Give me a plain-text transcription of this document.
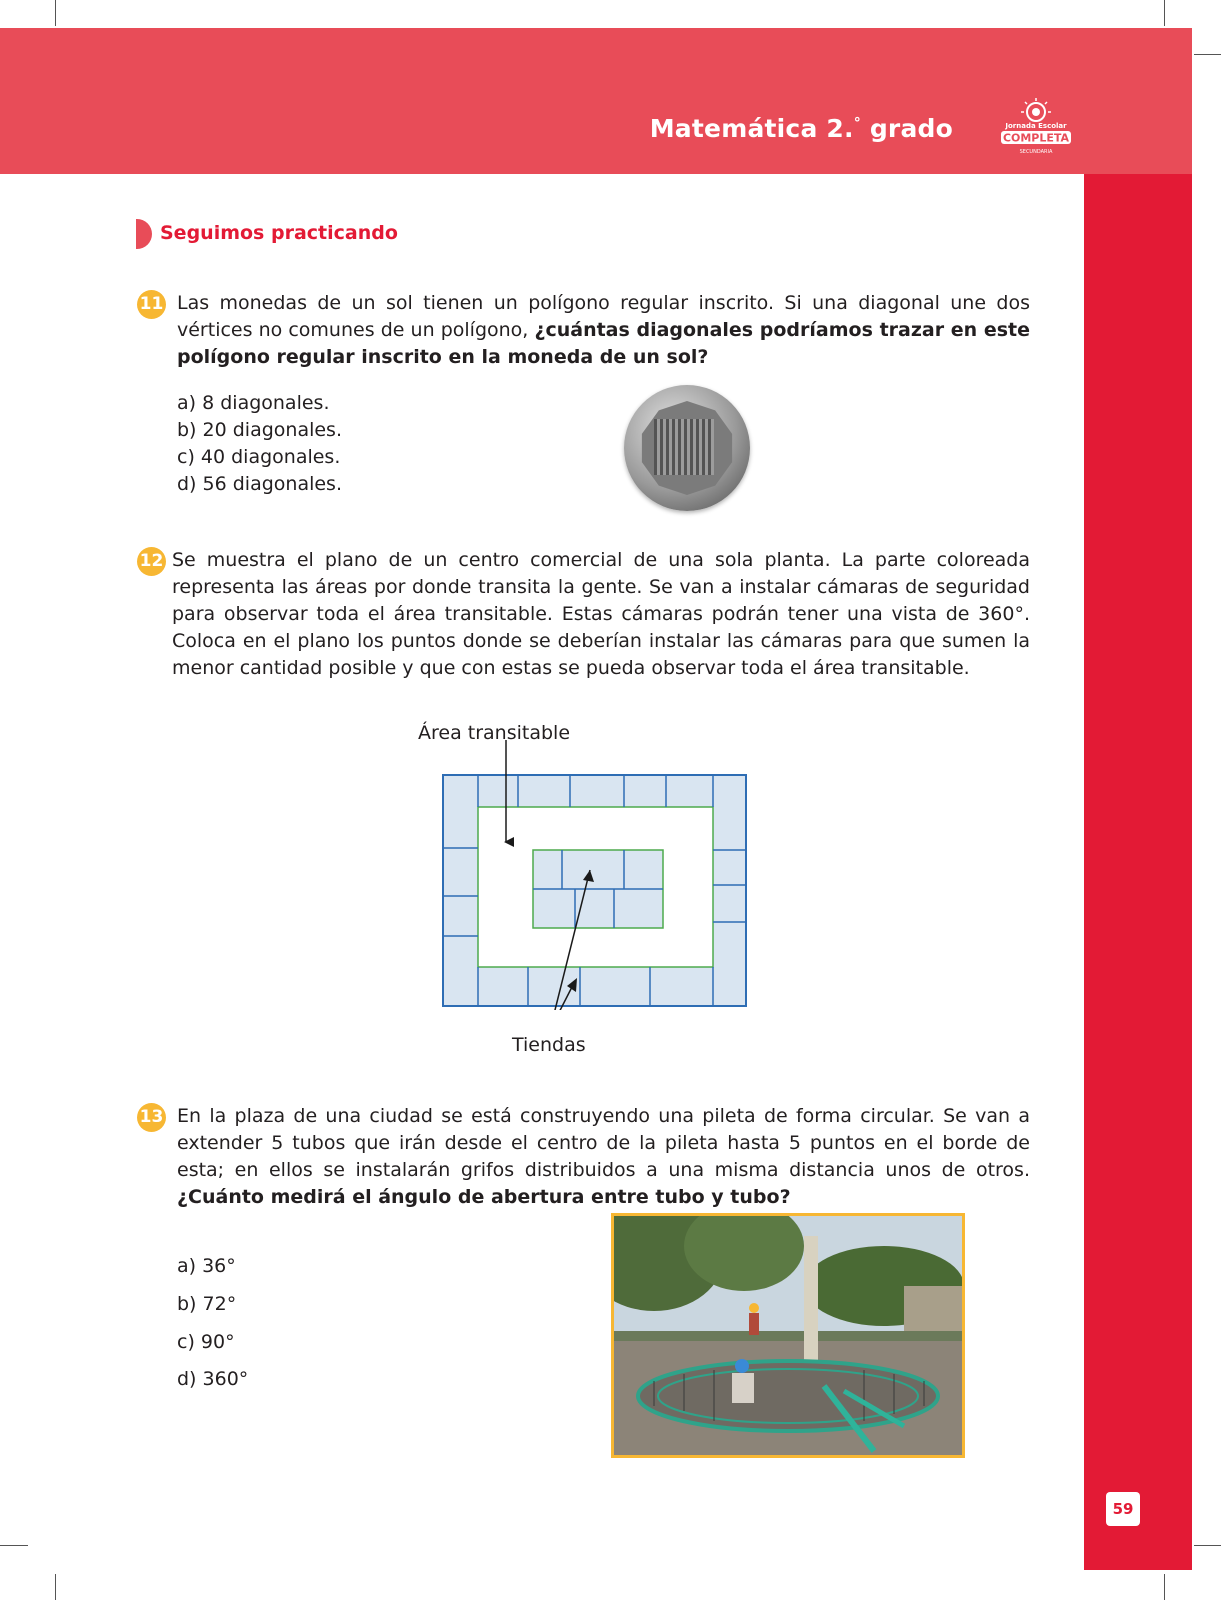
Matemática 2.° grado	Jornada Escolar
COMPLETA
SECUNDARIA
59
Seguimos practicando
11 Las monedas de un sol tienen un polígono regular inscrito. Si una diagonal une dos vértices no comunes de un polígono, ¿cuántas diagonales podríamos trazar en este polígono regular inscrito en la moneda de un sol?
a) 8 diagonales.
b) 20 diagonales.
c) 40 diagonales.
d) 56 diagonales.
12 Se muestra el plano de un centro comercial de una sola planta. La parte coloreada representa las áreas por donde transita la gente. Se van a instalar cámaras de seguridad para observar toda el área transitable. Estas cámaras podrán tener una vista de 360°. Coloca en el plano los puntos donde se deberían instalar las cámaras para que sumen la menor cantidad posible y que con estas se pueda observar toda el área transitable.
Área transitable
Tiendas
13 En la plaza de una ciudad se está construyendo una pileta de forma circular. Se van a extender 5 tubos que irán desde el centro de la pileta hasta 5 puntos en el borde de esta; en ellos se instalarán grifos distribuidos a una misma distancia unos de otros. ¿Cuánto medirá el ángulo de abertura entre tubo y tubo?
a) 36°
b) 72°
c) 90°
d) 360°
